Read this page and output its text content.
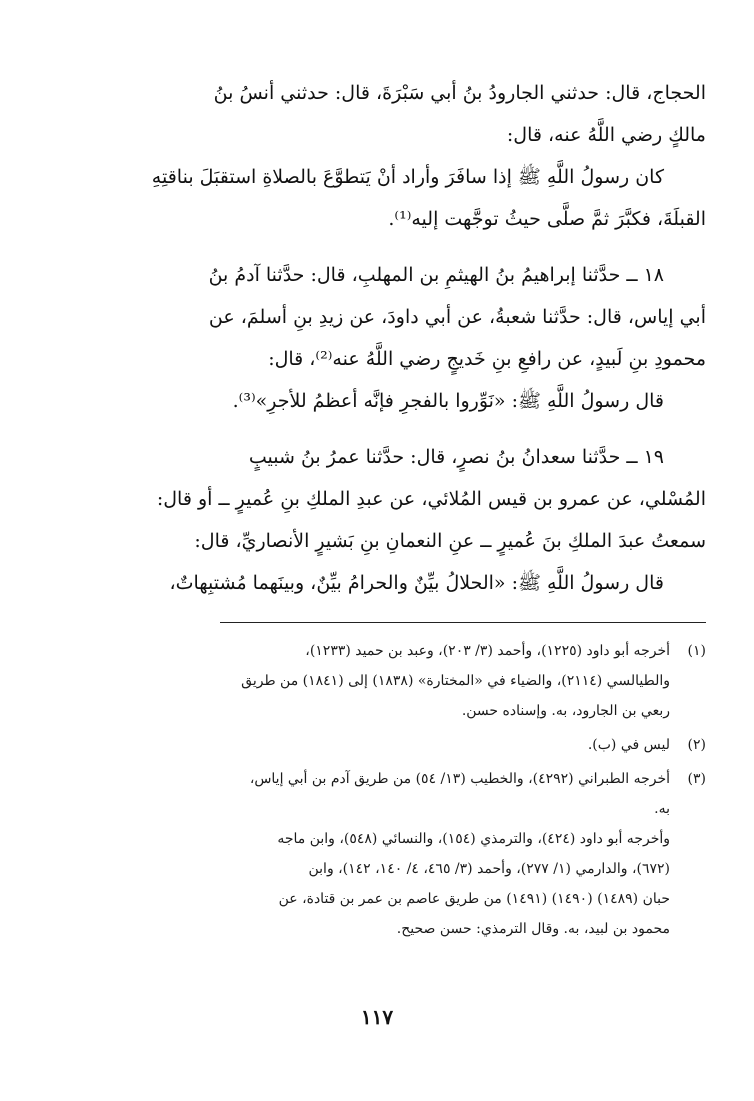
الحجاج، قال: حدثني الجارودُ بنُ أبي سَبْرَةَ، قال: حدثني أنسُ بنُ
مالكٍ رضي اللَّهُ عنه، قال:
كان رسولُ اللَّهِ ﷺ إذا سافَرَ وأراد أنْ يَتطوَّعَ بالصلاةِ استقبَلَ بناقتِهِ
القبلَةَ، فكبَّرَ ثمَّ صلَّى حيثُ توجَّهت إليه⁽¹⁾.
١٨ ــ حدَّثنا إبراهيمُ بنُ الهيثمِ بن المهلبِ، قال: حدَّثنا آدمُ بنُ
أبي إياس، قال: حدَّثنا شعبةُ، عن أبي داودَ، عن زيدِ بنِ أسلمَ، عن
محمودِ بنِ لَبيدٍ، عن رافعِ بنِ خَديجٍ رضي اللَّهُ عنه⁽²⁾، قال:
قال رسولُ اللَّهِ ﷺ: «نَوِّروا بالفجرِ فإنَّه أعظمُ للأجرِ»⁽³⁾.
١٩ ــ حدَّثنا سعدانُ بنُ نصرٍ، قال: حدَّثنا عمرُ بنُ شبيبٍ
المُسْلي، عن عمرو بن قيس المُلائي، عن عبدِ الملكِ بنِ عُميرٍ ــ أو قال:
سمعتُ عبدَ الملكِ بنَ عُميرٍ ــ عنِ النعمانِ بنِ بَشيرٍ الأنصاريِّ، قال:
قال رسولُ اللَّهِ ﷺ: «الحلالُ بيِّنٌ والحرامُ بيِّنٌ، وبينَهما مُشتبِهاتٌ،
(١)
أخرجه أبو داود (١٢٢٥)، وأحمد (٣/ ٢٠٣)، وعبد بن حميد (١٢٣٣)،
والطيالسي (٢١١٤)، والضياء في «المختارة» (١٨٣٨) إلى (١٨٤١) من طريق
ربعي بن الجارود، به. وإسناده حسن.
(٢)
ليس في (ب).
(٣)
أخرجه الطبراني (٤٢٩٢)، والخطيب (١٣/ ٥٤) من طريق آدم بن أبي إياس،
به.
وأخرجه أبو داود (٤٢٤)، والترمذي (١٥٤)، والنسائي (٥٤٨)، وابن ماجه
(٦٧٢)، والدارمي (١/ ٢٧٧)، وأحمد (٣/ ٤٦٥، ٤/ ١٤٠، ١٤٢)، وابن
حبان (١٤٨٩) (١٤٩٠) (١٤٩١) من طريق عاصم بن عمر بن قتادة، عن
محمود بن لبيد، به. وقال الترمذي: حسن صحيح.
١١٧
